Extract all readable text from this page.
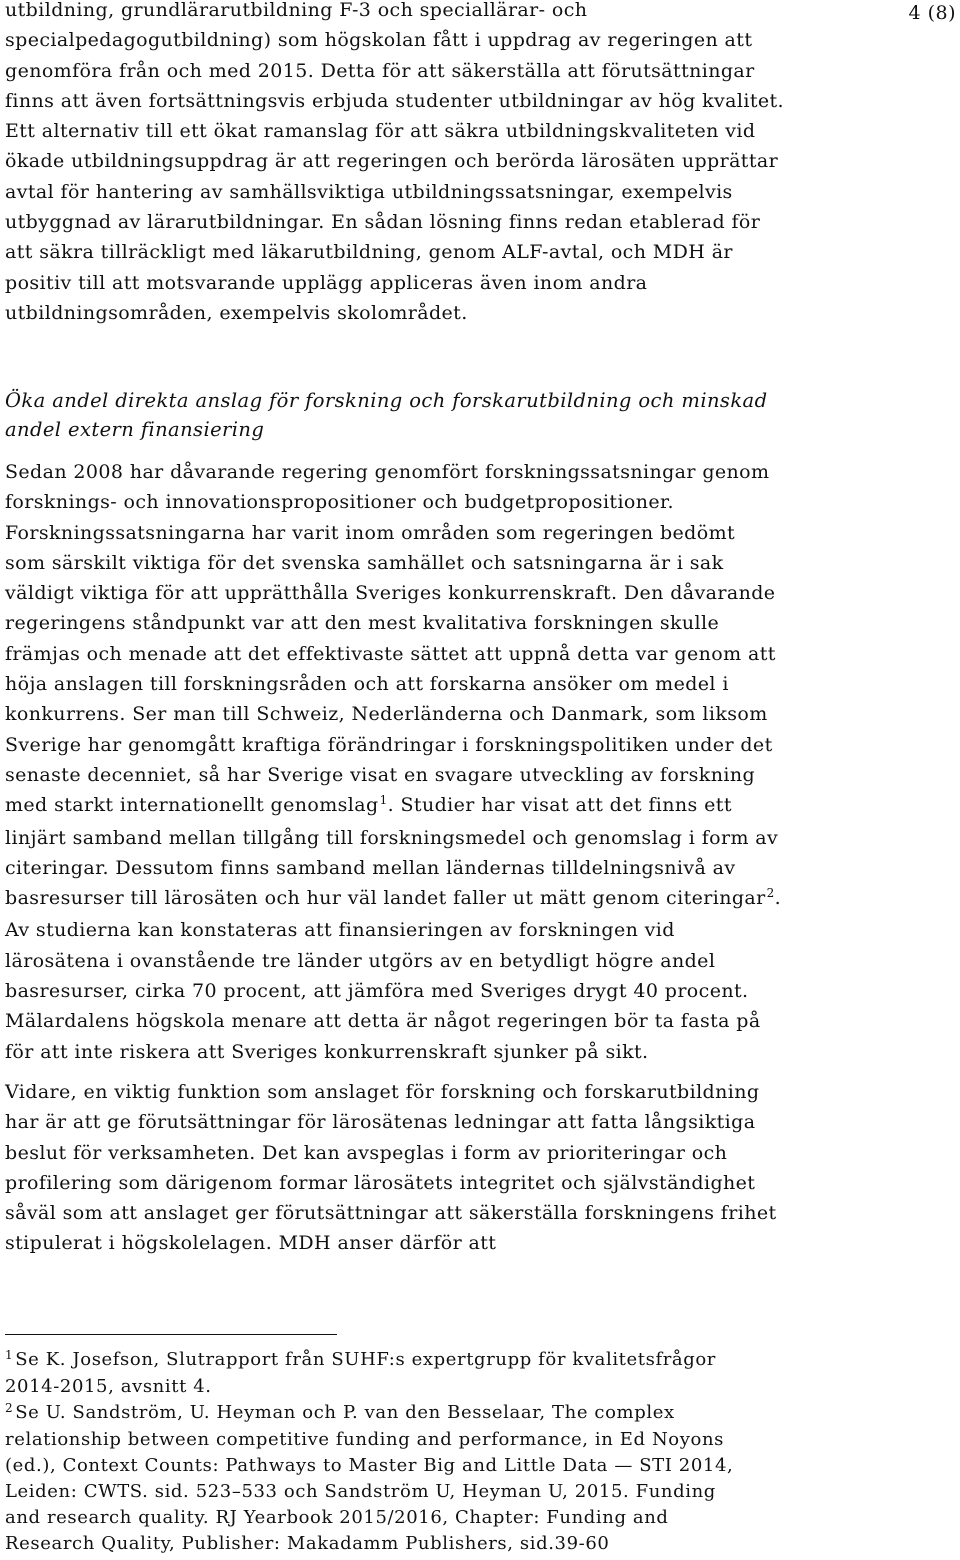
4 (8)
utbildning, grundlärarutbildning F-3 och speciallärar- och
specialpedagogutbildning) som högskolan fått i uppdrag av regeringen att
genomföra från och med 2015. Detta för att säkerställa att förutsättningar
finns att även fortsättningsvis erbjuda studenter utbildningar av hög kvalitet.
Ett alternativ till ett ökat ramanslag för att säkra utbildningskvaliteten vid
ökade utbildningsuppdrag är att regeringen och berörda lärosäten upprättar
avtal för hantering av samhällsviktiga utbildningssatsningar, exempelvis
utbyggnad av lärarutbildningar. En sådan lösning finns redan etablerad för
att säkra tillräckligt med läkarutbildning, genom ALF-avtal, och MDH är
positiv till att motsvarande upplägg appliceras även inom andra
utbildningsområden, exempelvis skolområdet.
Öka andel direkta anslag för forskning och forskarutbildning och minskad
andel extern finansiering
Sedan 2008 har dåvarande regering genomfört forskningssatsningar genom
forsknings- och innovationspropositioner och budgetpropositioner.
Forskningssatsningarna har varit inom områden som regeringen bedömt
som särskilt viktiga för det svenska samhället och satsningarna är i sak
väldigt viktiga för att upprätthålla Sveriges konkurrenskraft. Den dåvarande
regeringens ståndpunkt var att den mest kvalitativa forskningen skulle
främjas och menade att det effektivaste sättet att uppnå detta var genom att
höja anslagen till forskningsråden och att forskarna ansöker om medel i
konkurrens. Ser man till Schweiz, Nederländerna och Danmark, som liksom
Sverige har genomgått kraftiga förändringar i forskningspolitiken under det
senaste decenniet, så har Sverige visat en svagare utveckling av forskning
med starkt internationellt genomslag$^1$. Studier har visat att det finns ett
linjärt samband mellan tillgång till forskningsmedel och genomslag i form av
citeringar. Dessutom finns samband mellan ländernas tilldelningsnivå av
basresurser till lärosäten och hur väl landet faller ut mätt genom citeringar$^2$.
Av studierna kan konstateras att finansieringen av forskningen vid
lärosätena i ovanstående tre länder utgörs av en betydligt högre andel
basresurser, cirka 70 procent, att jämföra med Sveriges drygt 40 procent.
Mälardalens högskola menare att detta är något regeringen bör ta fasta på
för att inte riskera att Sveriges konkurrenskraft sjunker på sikt.
Vidare, en viktig funktion som anslaget för forskning och forskarutbildning
har är att ge förutsättningar för lärosätenas ledningar att fatta långsiktiga
beslut för verksamheten. Det kan avspeglas i form av prioriteringar och
profilering som därigenom formar lärosätets integritet och självständighet
såväl som att anslaget ger förutsättningar att säkerställa forskningens frihet
stipulerat i högskolelagen. MDH anser därför att
$^1$ Se K. Josefson, Slutrapport från SUHF:s expertgrupp för kvalitetsfrågor
2014-2015, avsnitt 4.
$^2$ Se U. Sandström, U. Heyman och P. van den Besselaar, The complex
relationship between competitive funding and performance, in Ed Noyons
(ed.), Context Counts: Pathways to Master Big and Little Data — STI 2014,
Leiden: CWTS. sid. 523–533 och Sandström U, Heyman U, 2015. Funding
and research quality. RJ Yearbook 2015/2016, Chapter: Funding and
Research Quality, Publisher: Makadamm Publishers, sid.39-60
